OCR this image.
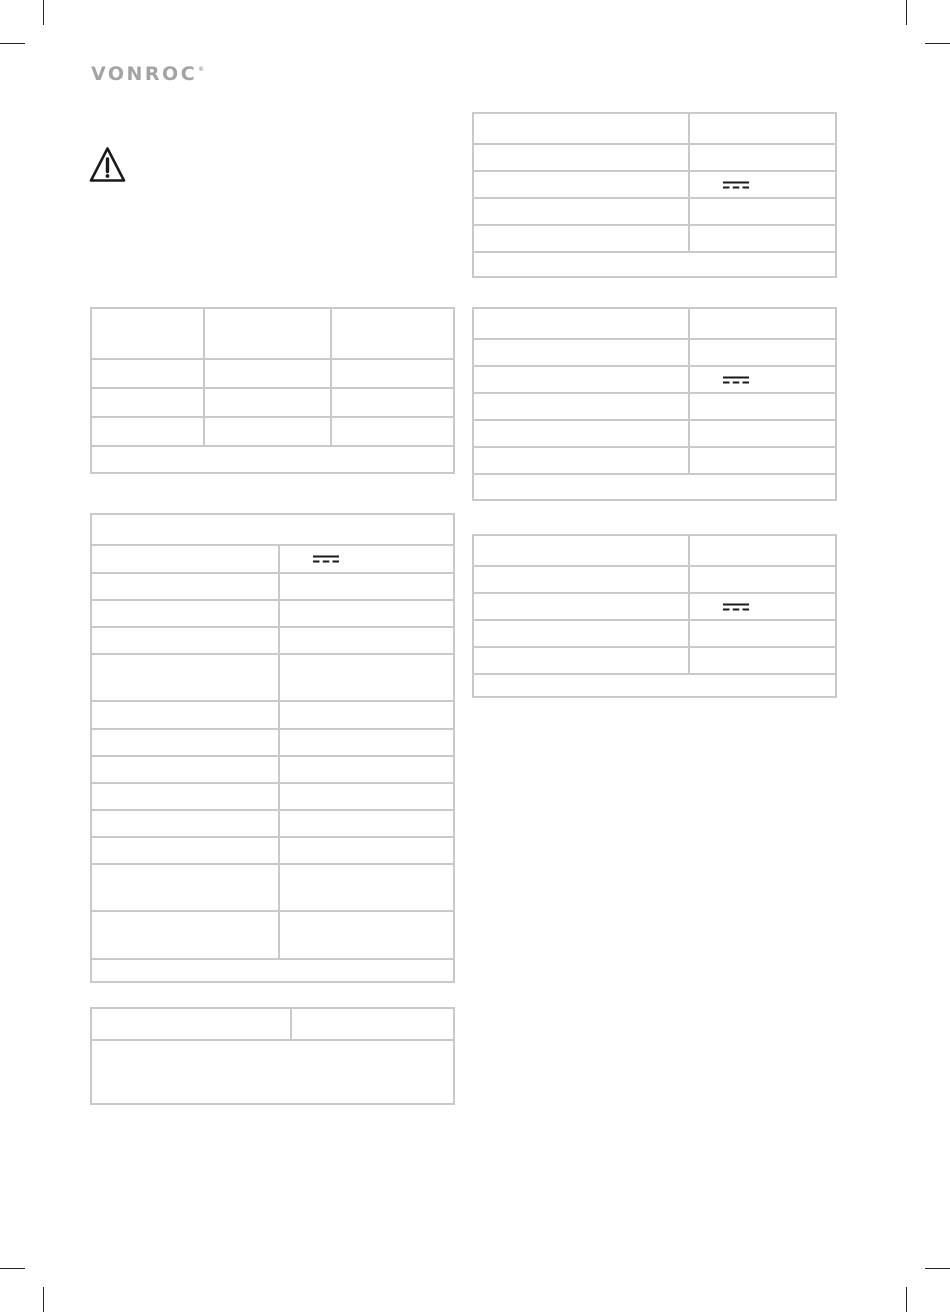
VONROC®
